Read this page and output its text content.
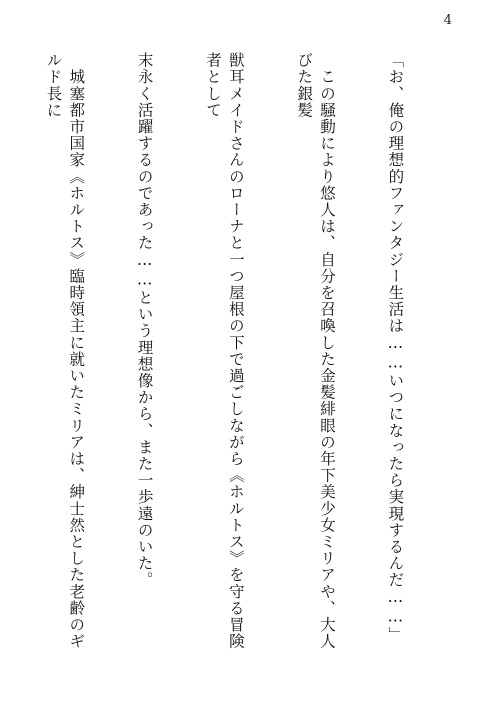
4

「お、俺の理想的ファンタジー生活は……いつになったら実現するんだ……」

　この騒動により悠人は、自分を召喚した金髪緋眼の年下美少女ミリアや、大人びた銀髪

獣耳メイドさんのローナと一つ屋根の下で過ごしながら《ホルトス》を守る冒険者として

末永く活躍するのであった……という理想像から、また一歩遠のいた。

　城塞都市国家《ホルトス》臨時領主に就いたミリアは、紳士然とした老齢のギルド長に
